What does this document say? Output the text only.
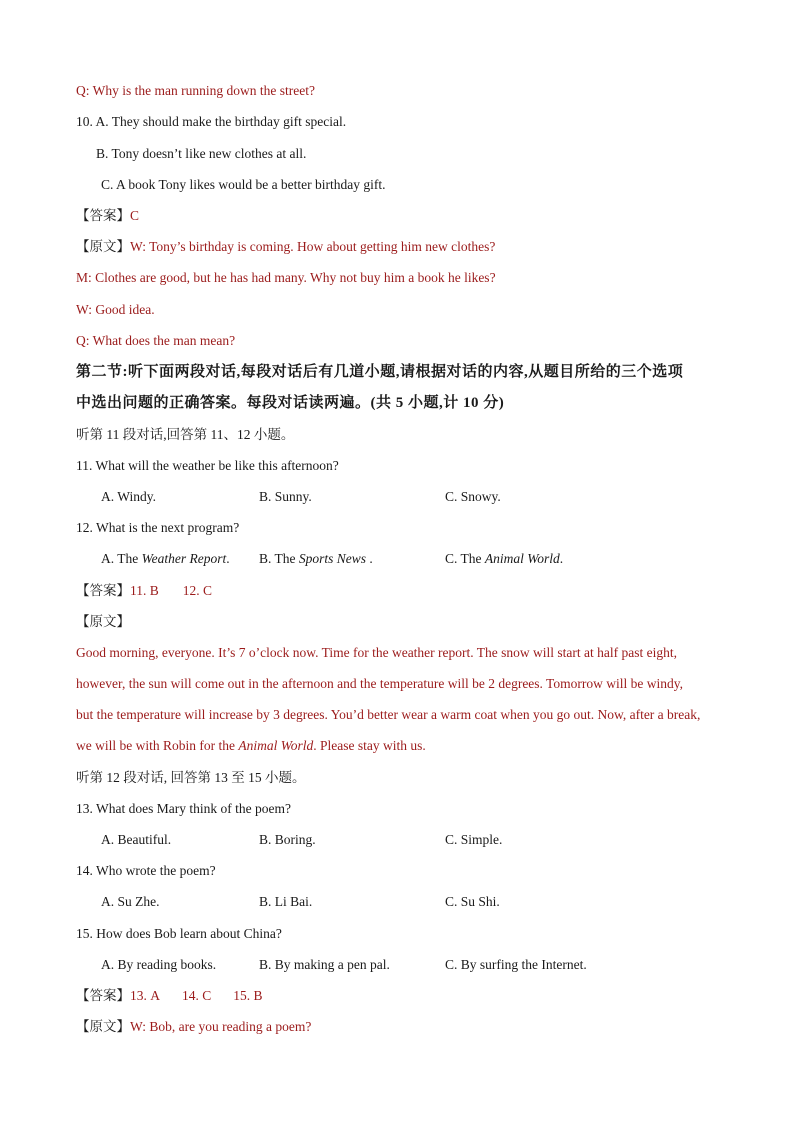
Q: Why is the man running down the street?
10. A. They should make the birthday gift special.
B. Tony doesn’t like new clothes at all.
C. A book Tony likes would be a better birthday gift.
【答案】C
【原文】W: Tony’s birthday is coming. How about getting him new clothes?
M: Clothes are good, but he has had many. Why not buy him a book he likes?
W: Good idea.
Q: What does the man mean?
第二节:听下面两段对话,每段对话后有几道小题,请根据对话的内容,从题目所给的三个选项
中选出问题的正确答案。每段对话读两遍。(共 5 小题,计 10 分)
听第 11 段对话,回答第 11、12 小题。
11. What will the weather be like this afternoon?
A. Windy.	B. Sunny.	C. Snowy.
12. What is the next program?
A. The Weather Report. B. The Sports News .	C. The Animal World.
【答案】11. B 12. C
【原文】
Good morning, everyone. It’s 7 o’clock now. Time for the weather report. The snow will start at half past eight,
however, the sun will come out in the afternoon and the temperature will be 2 degrees. Tomorrow will be windy,
but the temperature will increase by 3 degrees. You’d better wear a warm coat when you go out. Now, after a break,
we will be with Robin for the Animal World. Please stay with us.
听第 12 段对话, 回答第 13 至 15 小题。
13. What does Mary think of the poem?
A. Beautiful.	B. Boring.	C. Simple.
14. Who wrote the poem?
A. Su Zhe.	B. Li Bai.	C. Su Shi.
15. How does Bob learn about China?
A. By reading books.	B. By making a pen pal.	C. By surfing the Internet.
【答案】13. A 14. C 15. B
【原文】W: Bob, are you reading a poem?
